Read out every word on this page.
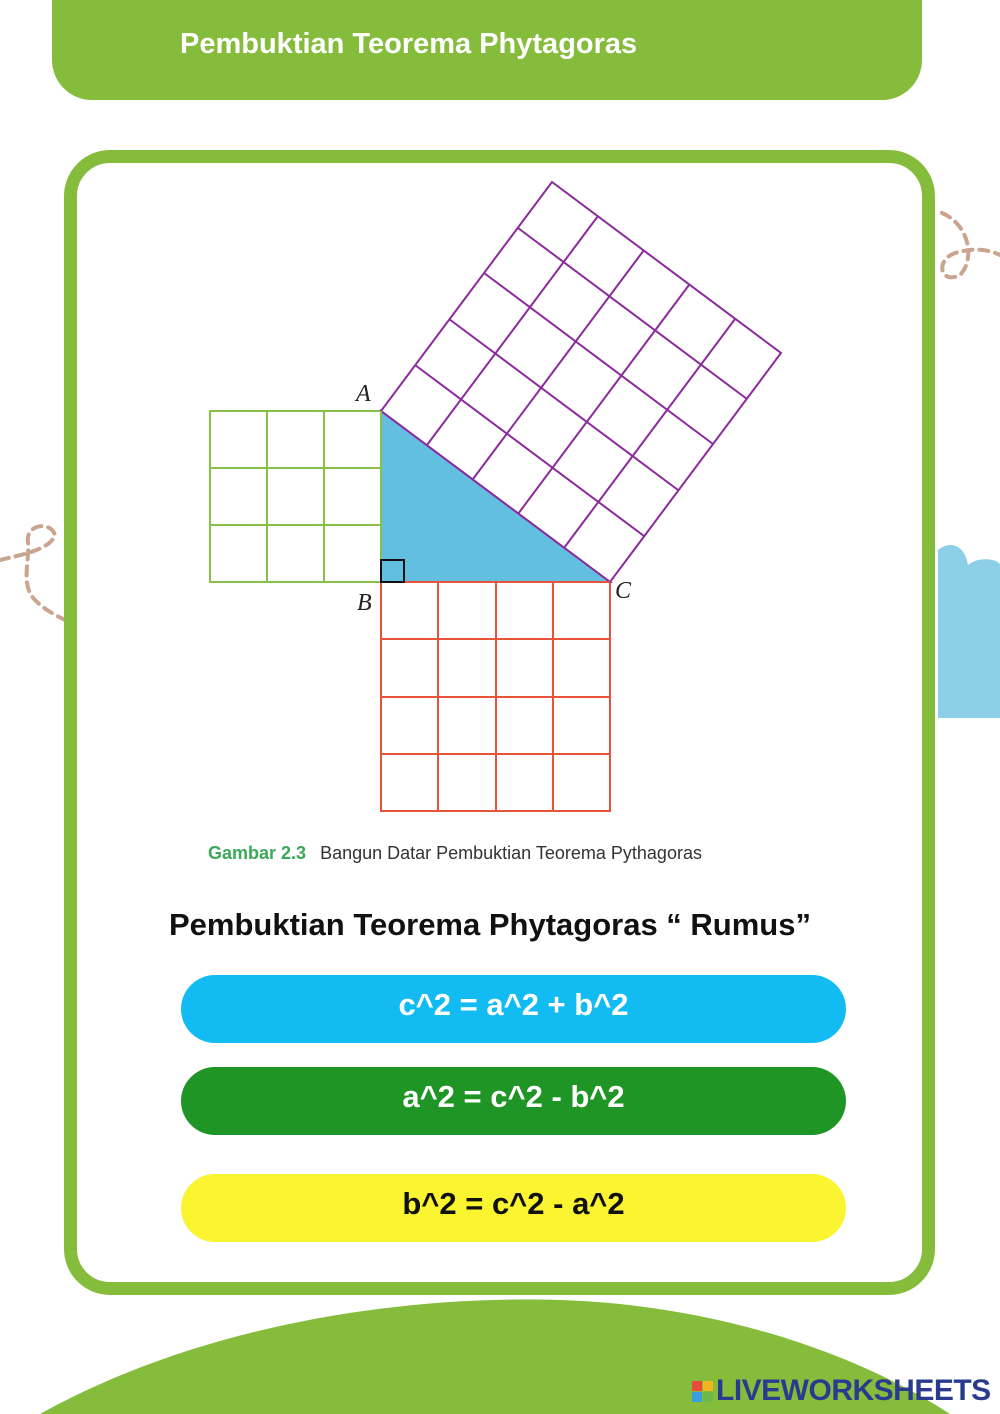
Pembuktian Teorema Phytagoras
A
B	C
Gambar 2.3 Bangun Datar Pembuktian Teorema Pythagoras
Pembuktian Teorema Phytagoras “ Rumus”
c^2 = a^2 + b^2
a^2 = c^2 - b^2
b^2 = c^2 - a^2
LIVEWORKSHEETS
